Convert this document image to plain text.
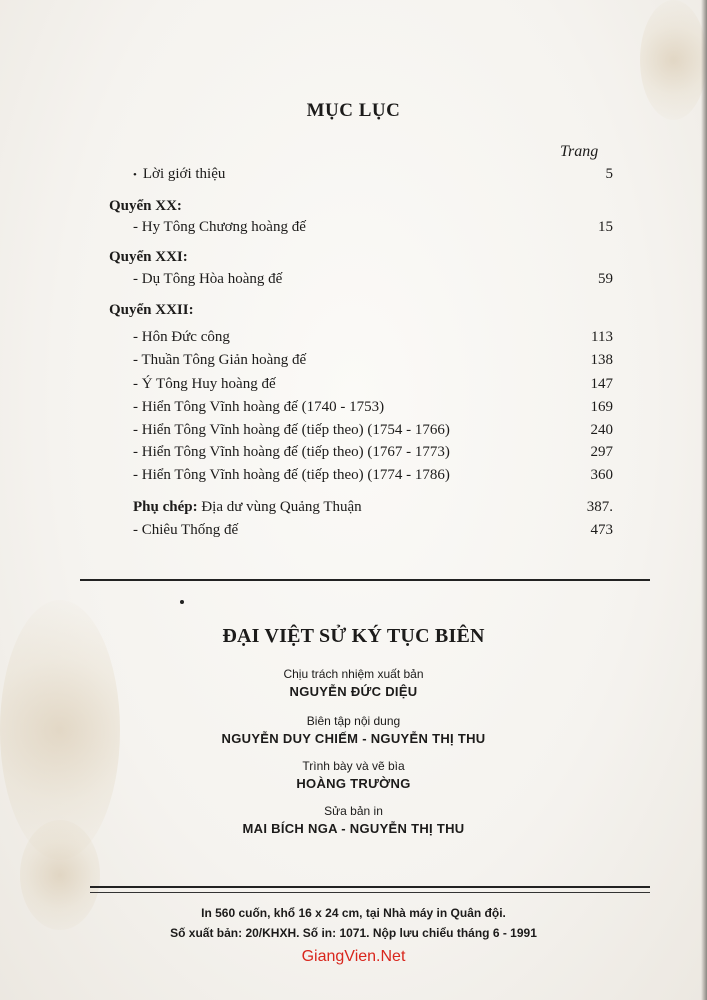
MỤC LỤC
Trang
• Lời giới thiệu	5
Quyển XX:
- Hy Tông Chương hoàng đế	15
Quyển XXI:
- Dụ Tông Hòa hoàng đế	59
Quyển XXII:
- Hôn Đức công	113
- Thuần Tông Giản hoàng đế	138
- Ý Tông Huy hoàng đế	147
- Hiển Tông Vĩnh hoàng đế (1740 - 1753)	169
- Hiển Tông Vĩnh hoàng đế (tiếp theo) (1754 - 1766)	240
- Hiển Tông Vĩnh hoàng đế (tiếp theo) (1767 - 1773)	297
- Hiển Tông Vĩnh hoàng đế (tiếp theo) (1774 - 1786)	360
Phụ chép: Địa dư vùng Quảng Thuận	387.
- Chiêu Thống đế	473
ĐẠI VIỆT SỬ KÝ TỤC BIÊN
Chịu trách nhiệm xuất bản
NGUYỄN ĐỨC DIỆU
Biên tập nội dung
NGUYỄN DUY CHIẾM - NGUYỄN THỊ THU
Trình bày và vẽ bìa
HOÀNG TRƯỜNG
Sửa bản in
MAI BÍCH NGA - NGUYỄN THỊ THU
In 560 cuốn, khổ 16 x 24 cm, tại Nhà máy in Quân đội.
Số xuất bản: 20/KHXH. Số in: 1071. Nộp lưu chiểu tháng 6 - 1991
GiangVien.Net
